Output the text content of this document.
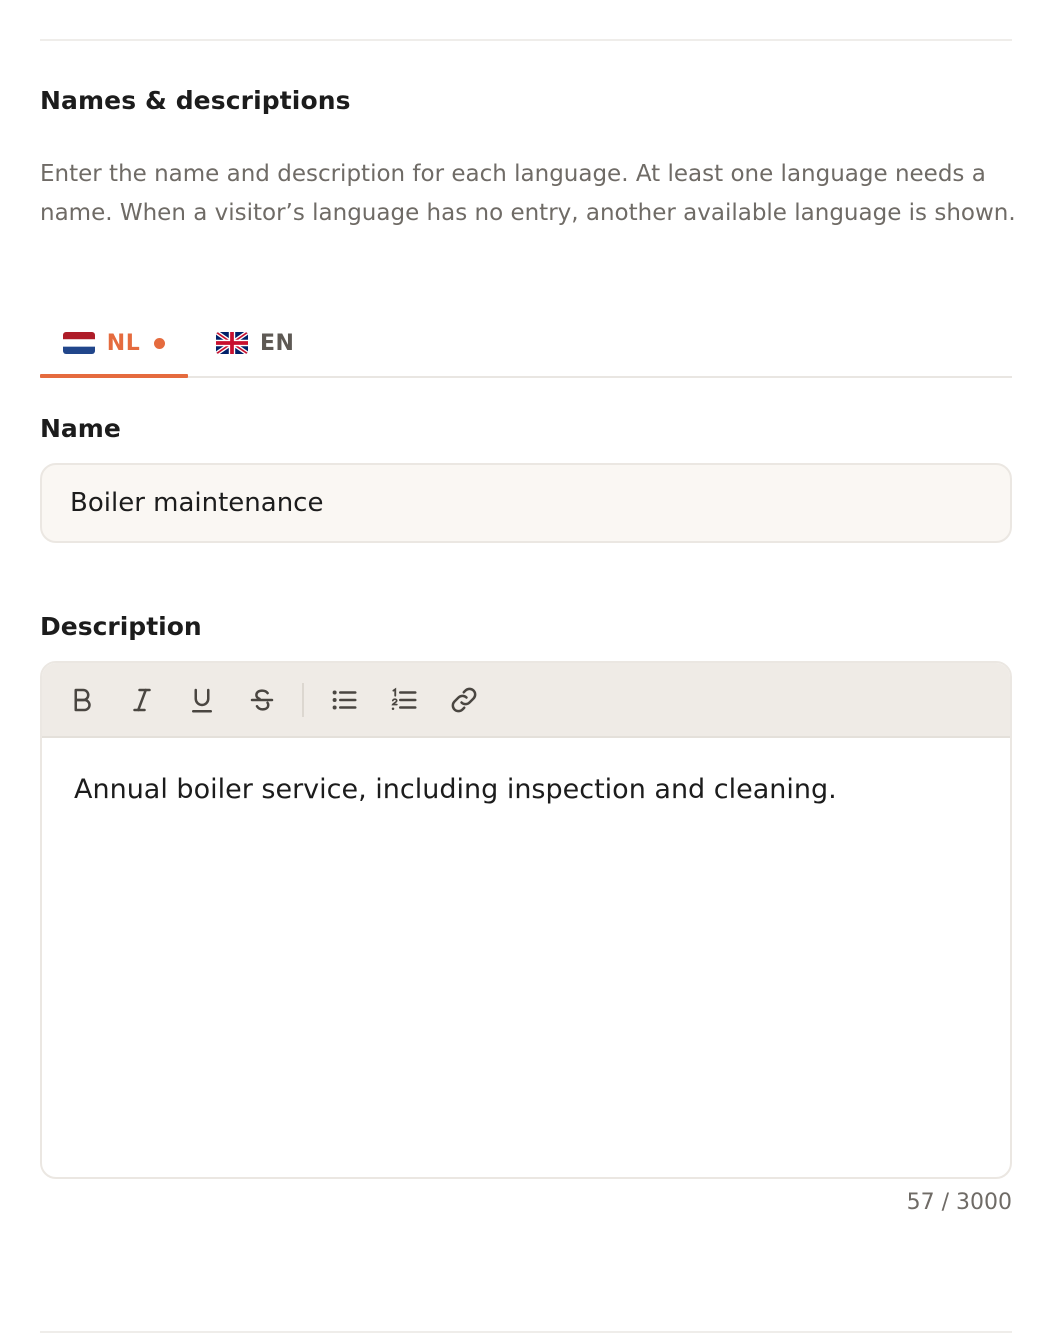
Names & descriptions
Enter the name and description for each language. At least one language needs a name. When a visitor’s language has no entry, another available language is shown.
NL	EN
Name
Boiler maintenance
Description
Annual boiler service, including inspection and cleaning.
57 / 3000
